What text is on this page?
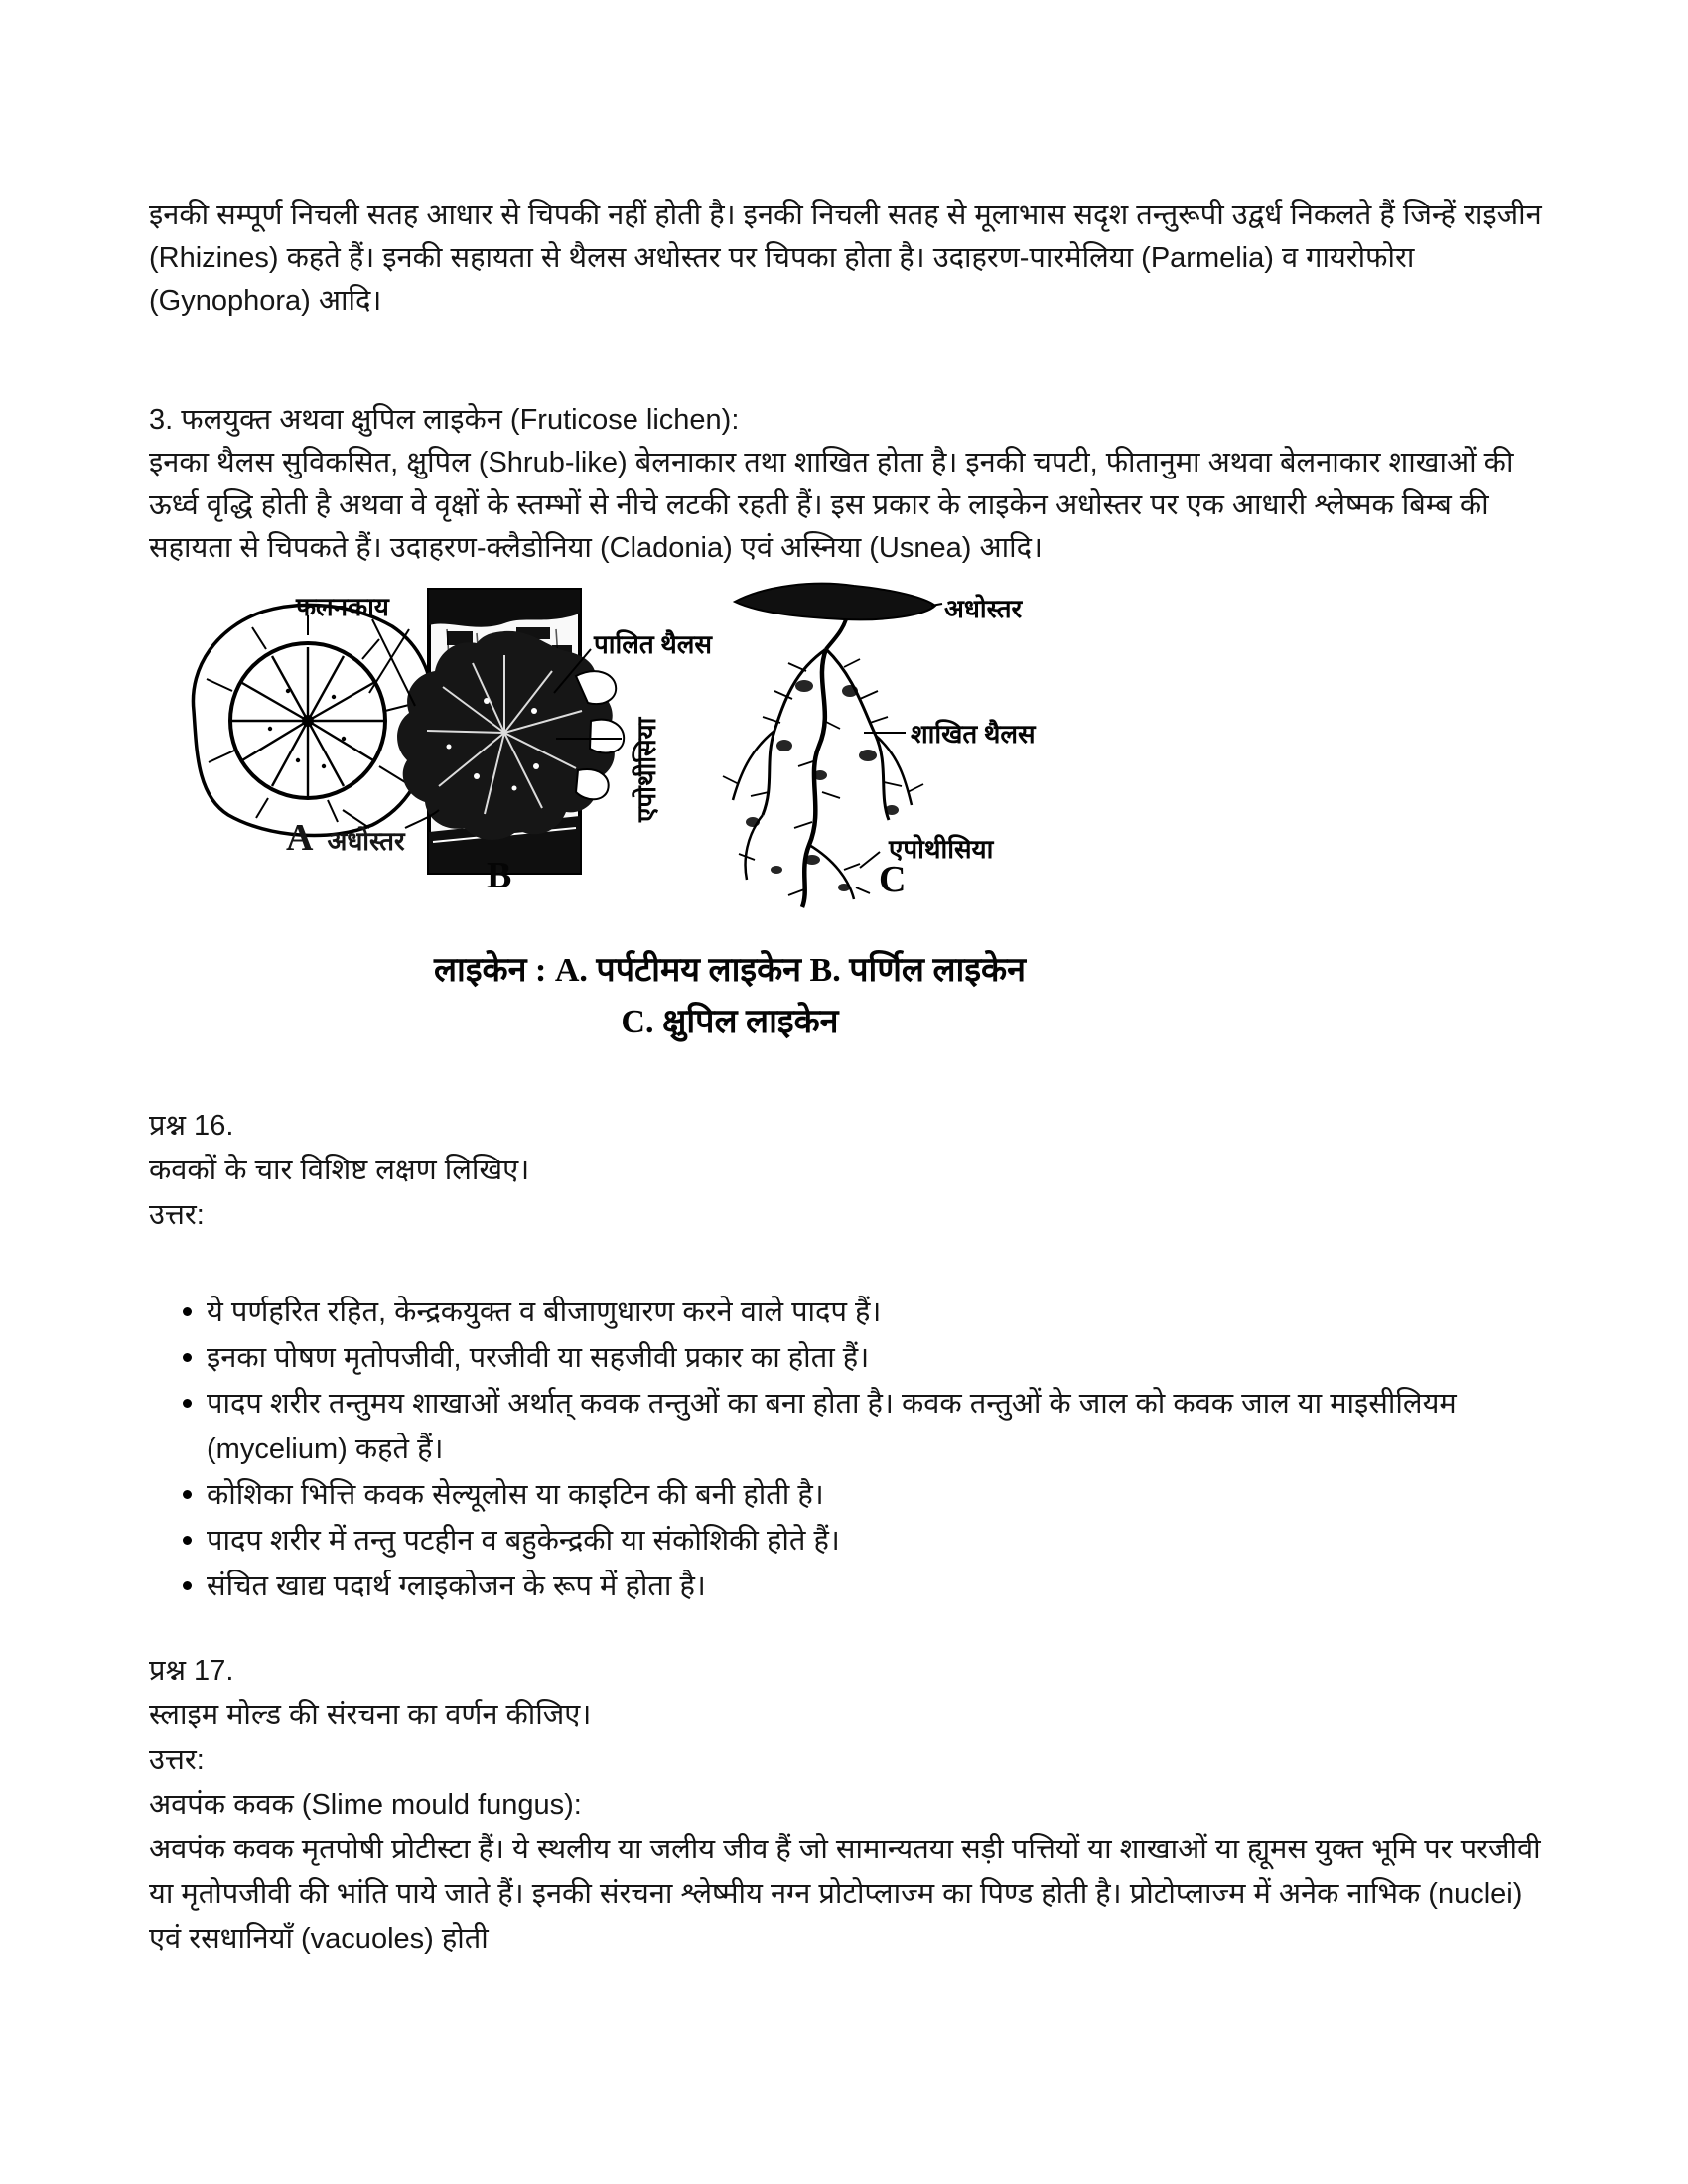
इनकी सम्पूर्ण निचली सतह आधार से चिपकी नहीं होती है। इनकी निचली सतह से मूलाभास सदृश तन्तुरूपी उद्वर्ध निकलते हैं जिन्हें राइजीन (Rhizines) कहते हैं। इनकी सहायता से थैलस अधोस्तर पर चिपका होता है। उदाहरण-पारमेलिया (Parmelia) व गायरोफोरा (Gynophora) आदि।
3. फलयुक्त अथवा क्षुपिल लाइकेन (Fruticose lichen):
इनका थैलस सुविकसित, क्षुपिल (Shrub-like) बेलनाकार तथा शाखित होता है। इनकी चपटी, फीतानुमा अथवा बेलनाकार शाखाओं की ऊर्ध्व वृद्धि होती है अथवा वे वृक्षों के स्तम्भों से नीचे लटकी रहती हैं। इस प्रकार के लाइकेन अधोस्तर पर एक आधारी श्लेष्मक बिम्ब की सहायता से चिपकते हैं। उदाहरण-क्लैडोनिया (Cladonia) एवं अस्निया (Usnea) आदि।
फलनकाय
A अधोस्तर
B
पालित थैलस
एपोथीसिया
अधोस्तर
शाखित थैलस
एपोथीसिया
C
लाइकेन : A. पर्पटीमय लाइकेन B. पर्णिल लाइकेन
C. क्षुपिल लाइकेन
प्रश्न 16.
कवकों के चार विशिष्ट लक्षण लिखिए।
उत्तर:
ये पर्णहरित रहित, केन्द्रकयुक्त व बीजाणुधारण करने वाले पादप हैं।
इनका पोषण मृतोपजीवी, परजीवी या सहजीवी प्रकार का होता हैं।
पादप शरीर तन्तुमय शाखाओं अर्थात् कवक तन्तुओं का बना होता है। कवक तन्तुओं के जाल को कवक जाल या माइसीलियम (mycelium) कहते हैं।
कोशिका भित्ति कवक सेल्यूलोस या काइटिन की बनी होती है।
पादप शरीर में तन्तु पटहीन व बहुकेन्द्रकी या संकोशिकी होते हैं।
संचित खाद्य पदार्थ ग्लाइकोजन के रूप में होता है।
प्रश्न 17.
स्लाइम मोल्ड की संरचना का वर्णन कीजिए।
उत्तर:
अवपंक कवक (Slime mould fungus):
अवपंक कवक मृतपोषी प्रोटीस्टा हैं। ये स्थलीय या जलीय जीव हैं जो सामान्यतया सड़ी पत्तियों या शाखाओं या ह्यूमस युक्त भूमि पर परजीवी या मृतोपजीवी की भांति पाये जाते हैं। इनकी संरचना श्लेष्मीय नग्न प्रोटोप्लाज्म का पिण्ड होती है। प्रोटोप्लाज्म में अनेक नाभिक (nuclei) एवं रसधानियाँ (vacuoles) होती
